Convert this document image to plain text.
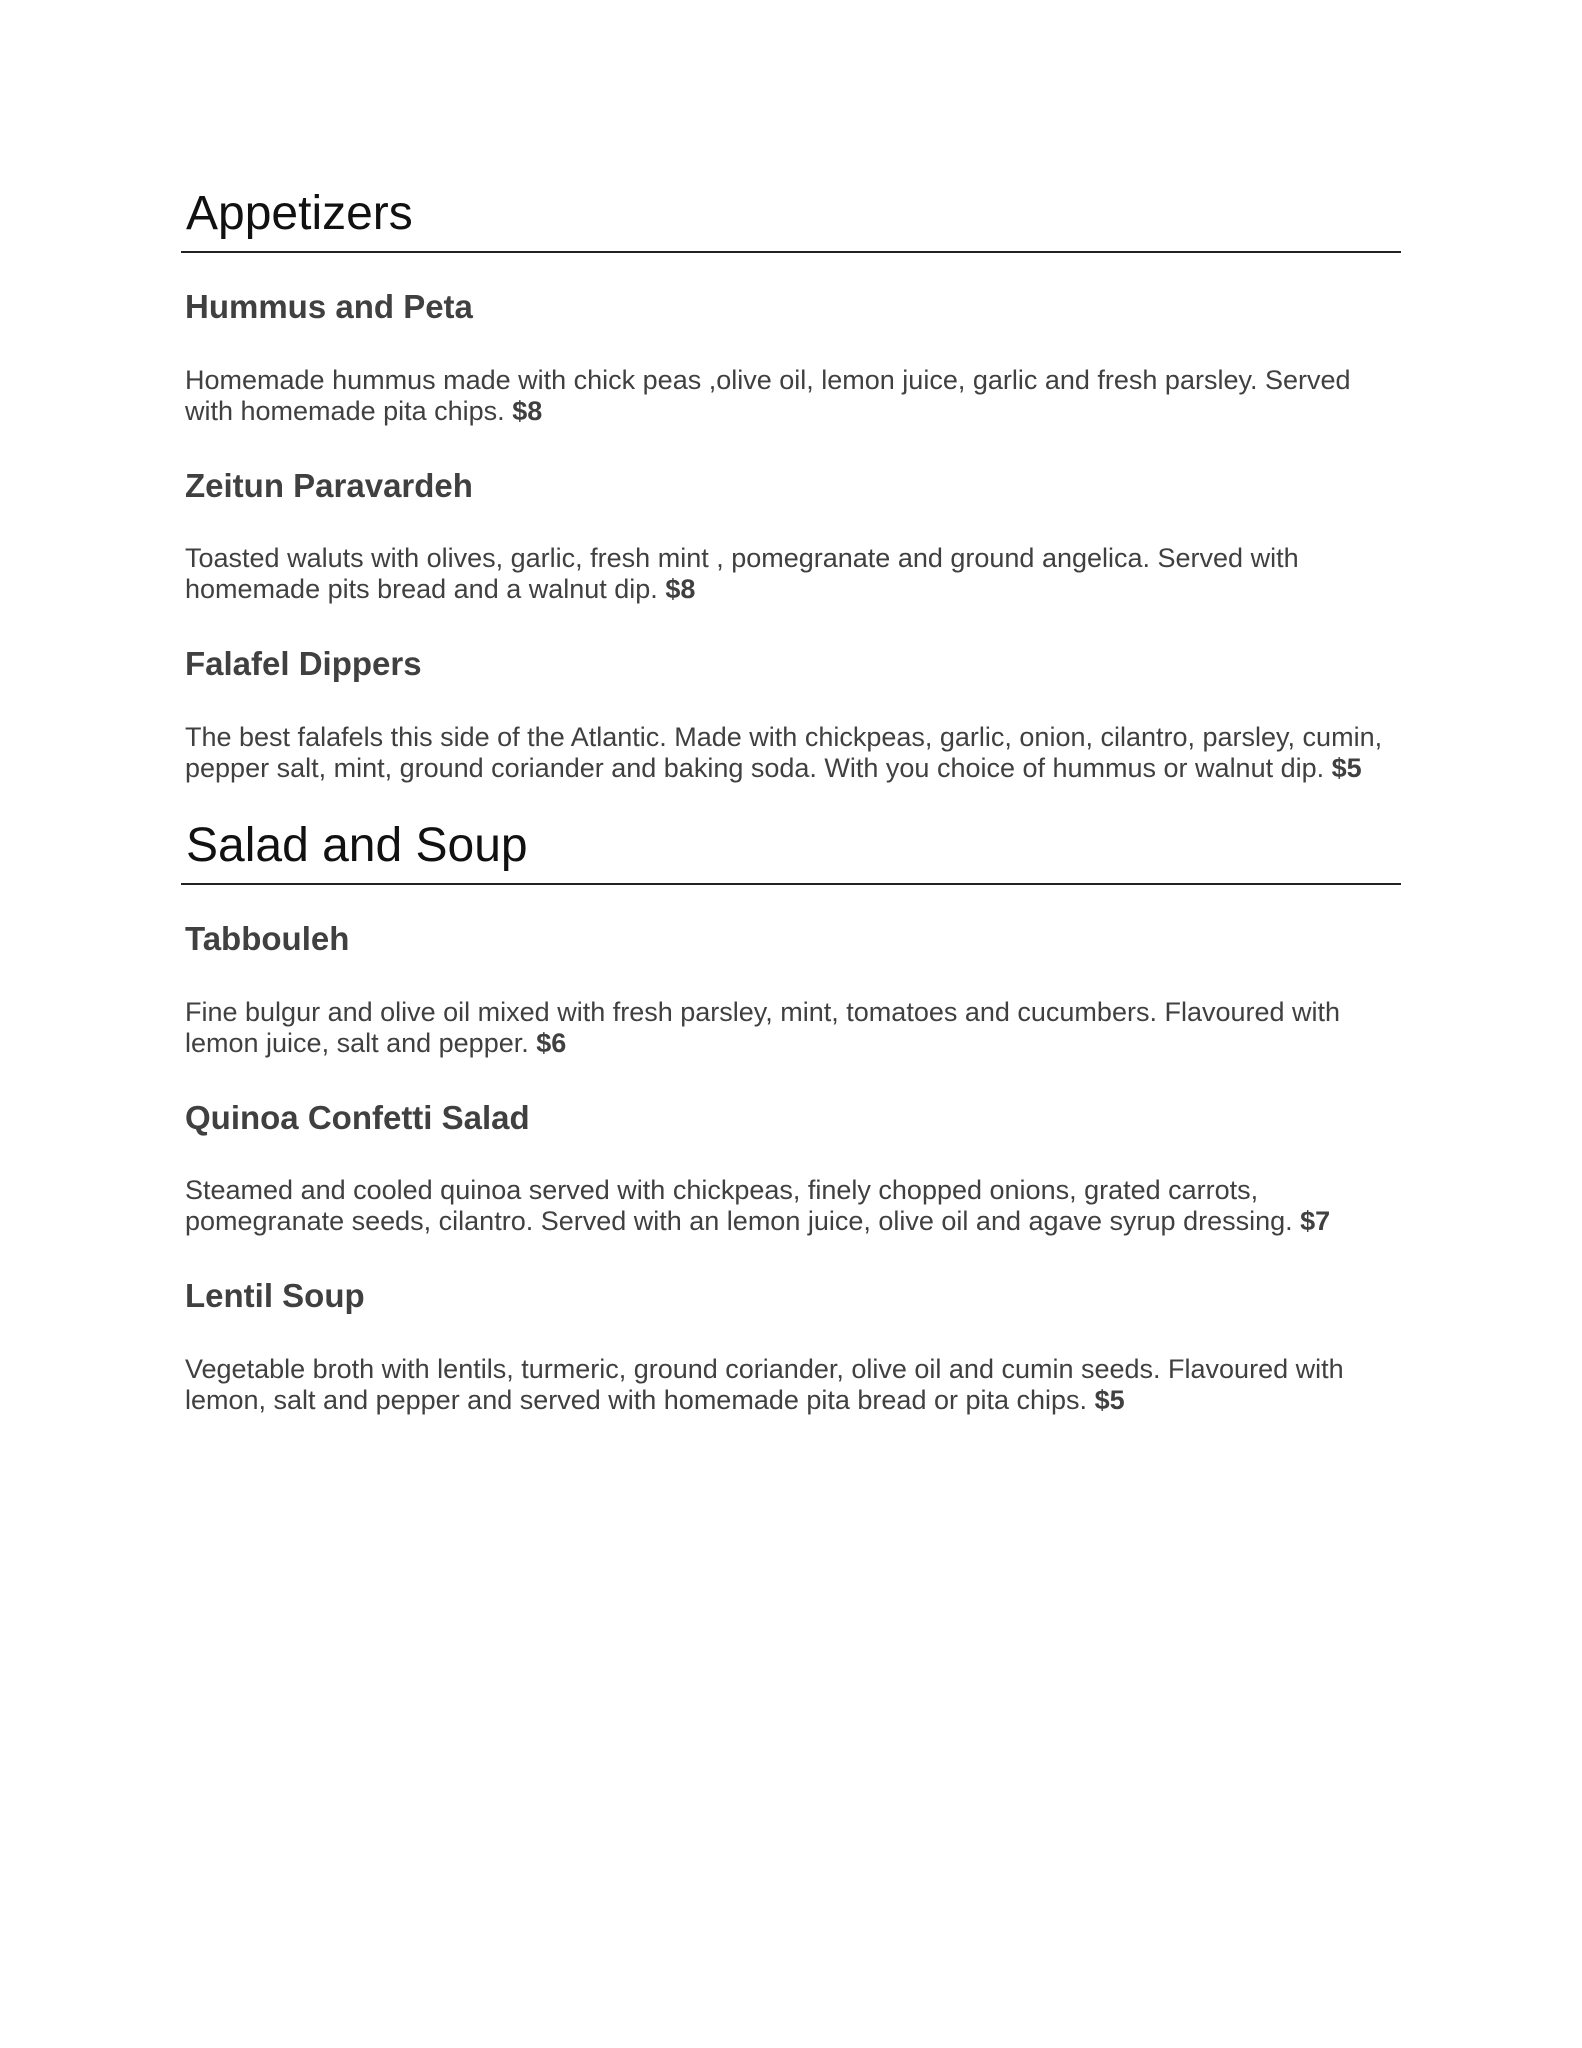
Appetizers
Hummus and Peta

Homemade hummus made with chick peas ,olive oil, lemon juice, garlic and fresh parsley. Served with homemade pita chips. $8

Zeitun Paravardeh

Toasted waluts with olives, garlic, fresh mint , pomegranate and ground angelica. Served with homemade pits bread and a walnut dip. $8

Falafel Dippers

The best falafels this side of the Atlantic. Made with chickpeas, garlic, onion, cilantro, parsley, cumin, pepper salt, mint, ground coriander and baking soda. With you choice of hummus or walnut dip. $5

Salad and Soup
Tabbouleh

Fine bulgur and olive oil mixed with fresh parsley, mint, tomatoes and cucumbers. Flavoured with lemon juice, salt and pepper. $6

Quinoa Confetti Salad

Steamed and cooled quinoa served with chickpeas, finely chopped onions, grated carrots, pomegranate seeds, cilantro. Served with an lemon juice, olive oil and agave syrup dressing. $7

Lentil Soup

Vegetable broth with lentils, turmeric, ground coriander, olive oil and cumin seeds. Flavoured with lemon, salt and pepper and served with homemade pita bread or pita chips. $5
